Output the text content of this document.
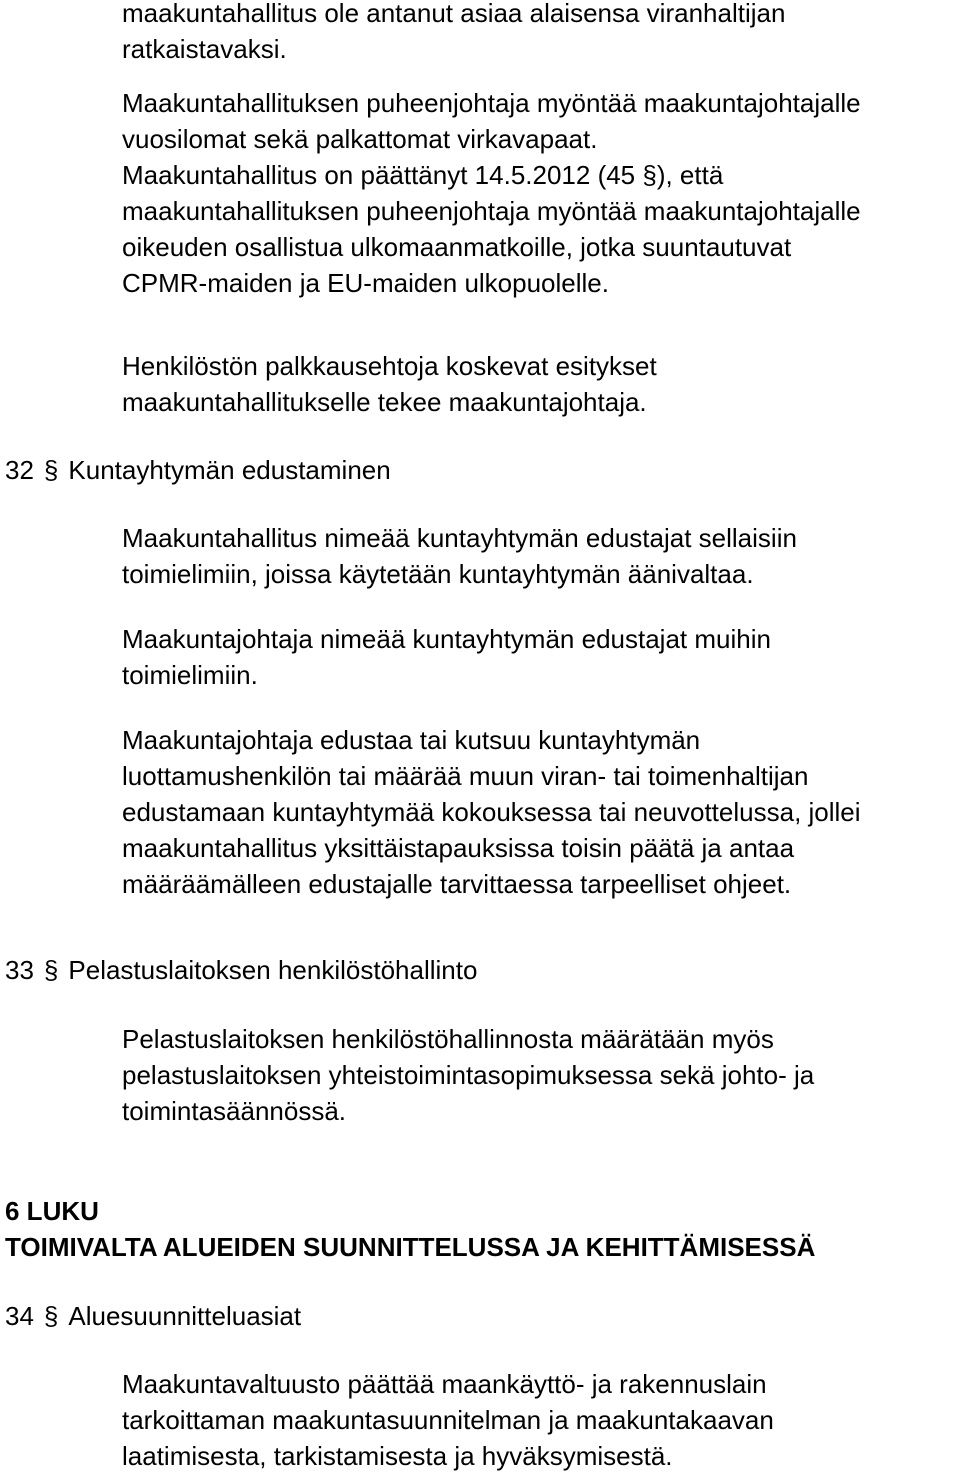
maakuntahallitus ole antanut asiaa alaisensa viranhaltijan
ratkaistavaksi.
Maakuntahallituksen puheenjohtaja myöntää maakuntajohtajalle
vuosilomat sekä palkattomat virkavapaat.
Maakuntahallitus on päättänyt 14.5.2012 (45 §), että
maakuntahallituksen puheenjohtaja myöntää maakuntajohtajalle
oikeuden osallistua ulkomaanmatkoille, jotka suuntautuvat
CPMR-maiden ja EU-maiden ulkopuolelle.
Henkilöstön palkkausehtoja koskevat esitykset
maakuntahallitukselle tekee maakuntajohtaja.
32 § Kuntayhtymän edustaminen
Maakuntahallitus nimeää kuntayhtymän edustajat sellaisiin
toimielimiin, joissa käytetään kuntayhtymän äänivaltaa.
Maakuntajohtaja nimeää kuntayhtymän edustajat muihin
toimielimiin.
Maakuntajohtaja edustaa tai kutsuu kuntayhtymän
luottamushenkilön tai määrää muun viran- tai toimenhaltijan
edustamaan kuntayhtymää kokouksessa tai neuvottelussa, jollei
maakuntahallitus yksittäistapauksissa toisin päätä ja antaa
määräämälleen edustajalle tarvittaessa tarpeelliset ohjeet.
33 § Pelastuslaitoksen henkilöstöhallinto
Pelastuslaitoksen henkilöstöhallinnosta määrätään myös
pelastuslaitoksen yhteistoimintasopimuksessa sekä johto- ja
toimintasäännössä.
6 LUKU
TOIMIVALTA ALUEIDEN SUUNNITTELUSSA JA KEHITTÄMISESSÄ
34 § Aluesuunnitteluasiat
Maakuntavaltuusto päättää maankäyttö- ja rakennuslain
tarkoittaman maakuntasuunnitelman ja maakuntakaavan
laatimisesta, tarkistamisesta ja hyväksymisestä.
